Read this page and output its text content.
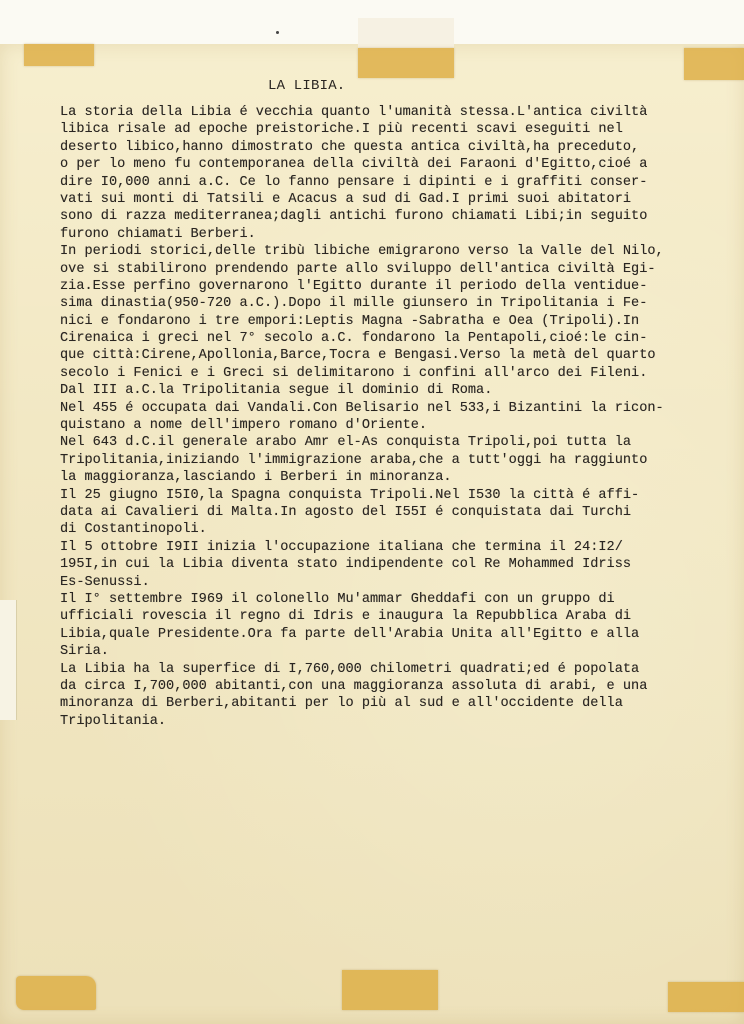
LA LIBIA.
La storia della Libia é vecchia quanto l'umanità stessa.L'antica civiltà
libica risale ad epoche preistoriche.I più recenti scavi eseguiti nel
deserto libico,hanno dimostrato che questa antica civiltà,ha preceduto,
o per lo meno fu contemporanea della civiltà dei Faraoni d'Egitto,cioé a
dire I0,000 anni a.C. Ce lo fanno pensare i dipinti e i graffiti conser-
vati sui monti di Tatsili e Acacus a sud di Gad.I primi suoi abitatori
sono di razza mediterranea;dagli antichi furono chiamati Libi;in seguito
furono chiamati Berberi.
In periodi storici,delle tribù libiche emigrarono verso la Valle del Nilo,
ove si stabilirono prendendo parte allo sviluppo dell'antica civiltà Egi-
zia.Esse perfino governarono l'Egitto durante il periodo della ventidue-
sima dinastia(950-720 a.C.).Dopo il mille giunsero in Tripolitania i Fe-
nici e fondarono i tre empori:Leptis Magna -Sabratha e Oea (Tripoli).In
Cirenaica i greci nel 7° secolo a.C. fondarono la Pentapoli,cioé:le cin-
que città:Cirene,Apollonia,Barce,Tocra e Bengasi.Verso la metà del quarto
secolo i Fenici e i Greci si delimitarono i confini all'arco dei Fileni.
Dal III a.C.la Tripolitania segue il dominio di Roma.
Nel 455 é occupata dai Vandali.Con Belisario nel 533,i Bizantini la ricon-
quistano a nome dell'impero romano d'Oriente.
Nel 643 d.C.il generale arabo Amr el-As conquista Tripoli,poi tutta la
Tripolitania,iniziando l'immigrazione araba,che a tutt'oggi ha raggiunto
la maggioranza,lasciando i Berberi in minoranza.
Il 25 giugno I5I0,la Spagna conquista Tripoli.Nel I530 la città é affi-
data ai Cavalieri di Malta.In agosto del I55I é conquistata dai Turchi
di Costantinopoli.
Il 5 ottobre I9II inizia l'occupazione italiana che termina il 24:I2/
195I,in cui la Libia diventa stato indipendente col Re Mohammed Idriss
Es-Senussi.
Il I° settembre I969 il colonello Mu'ammar Gheddafi con un gruppo di
ufficiali rovescia il regno di Idris e inaugura la Repubblica Araba di
Libia,quale Presidente.Ora fa parte dell'Arabia Unita all'Egitto e alla
Siria.
La Libia ha la superfice di I,760,000 chilometri quadrati;ed é popolata
da circa I,700,000 abitanti,con una maggioranza assoluta di arabi, e una
minoranza di Berberi,abitanti per lo più al sud e all'occidente della
Tripolitania.
